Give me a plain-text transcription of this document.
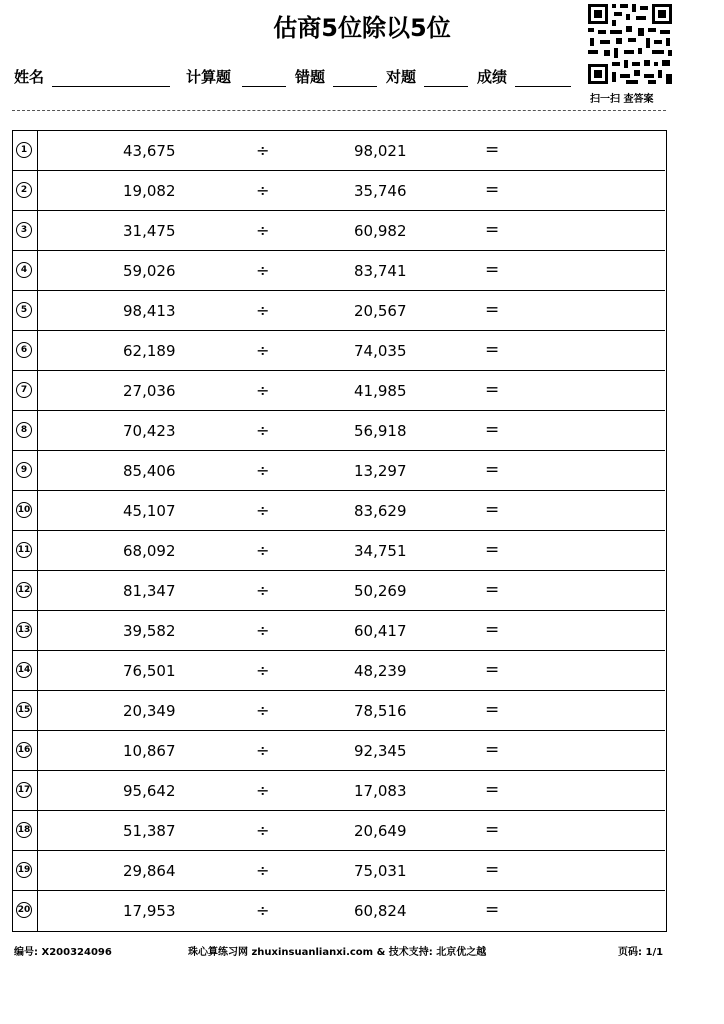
估商5位除以5位
扫一扫 查答案
姓名	计算题	错题	对题	成绩
1	43,675	÷	98,021	=
2	19,082	÷	35,746	=
3	31,475	÷	60,982	=
4	59,026	÷	83,741	=
5	98,413	÷	20,567	=
6	62,189	÷	74,035	=
7	27,036	÷	41,985	=
8	70,423	÷	56,918	=
9	85,406	÷	13,297	=
10	45,107	÷	83,629	=
11	68,092	÷	34,751	=
12	81,347	÷	50,269	=
13	39,582	÷	60,417	=
14	76,501	÷	48,239	=
15	20,349	÷	78,516	=
16	10,867	÷	92,345	=
17	95,642	÷	17,083	=
18	51,387	÷	20,649	=
19	29,864	÷	75,031	=
20	17,953	÷	60,824	=
编号: X200324096	珠心算练习网 zhuxinsuanlianxi.com & 技术支持: 北京优之越	页码: 1/1
